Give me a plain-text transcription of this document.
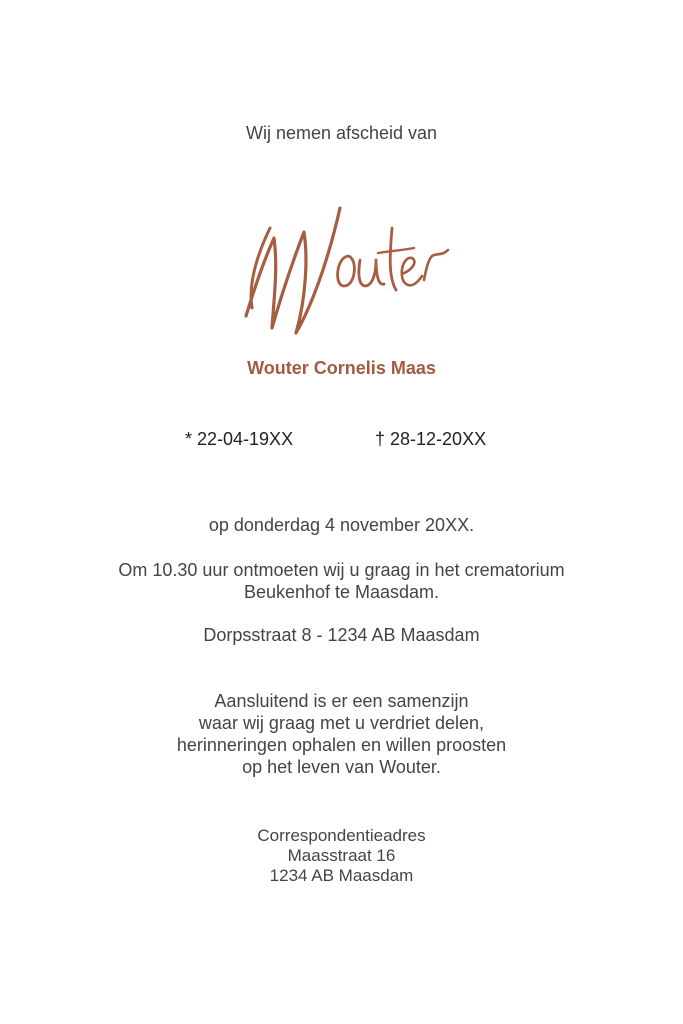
Wij nemen afscheid van
Wouter Cornelis Maas
* 22-04-19XX	† 28-12-20XX
op donderdag 4 november 20XX.
Om 10.30 uur ontmoeten wij u graag in het crematorium
Beukenhof te Maasdam.
Dorpsstraat 8 - 1234 AB Maasdam
Aansluitend is er een samenzijn
waar wij graag met u verdriet delen,
herinneringen ophalen en willen proosten
op het leven van Wouter.
Correspondentieadres
Maasstraat 16
1234 AB Maasdam
